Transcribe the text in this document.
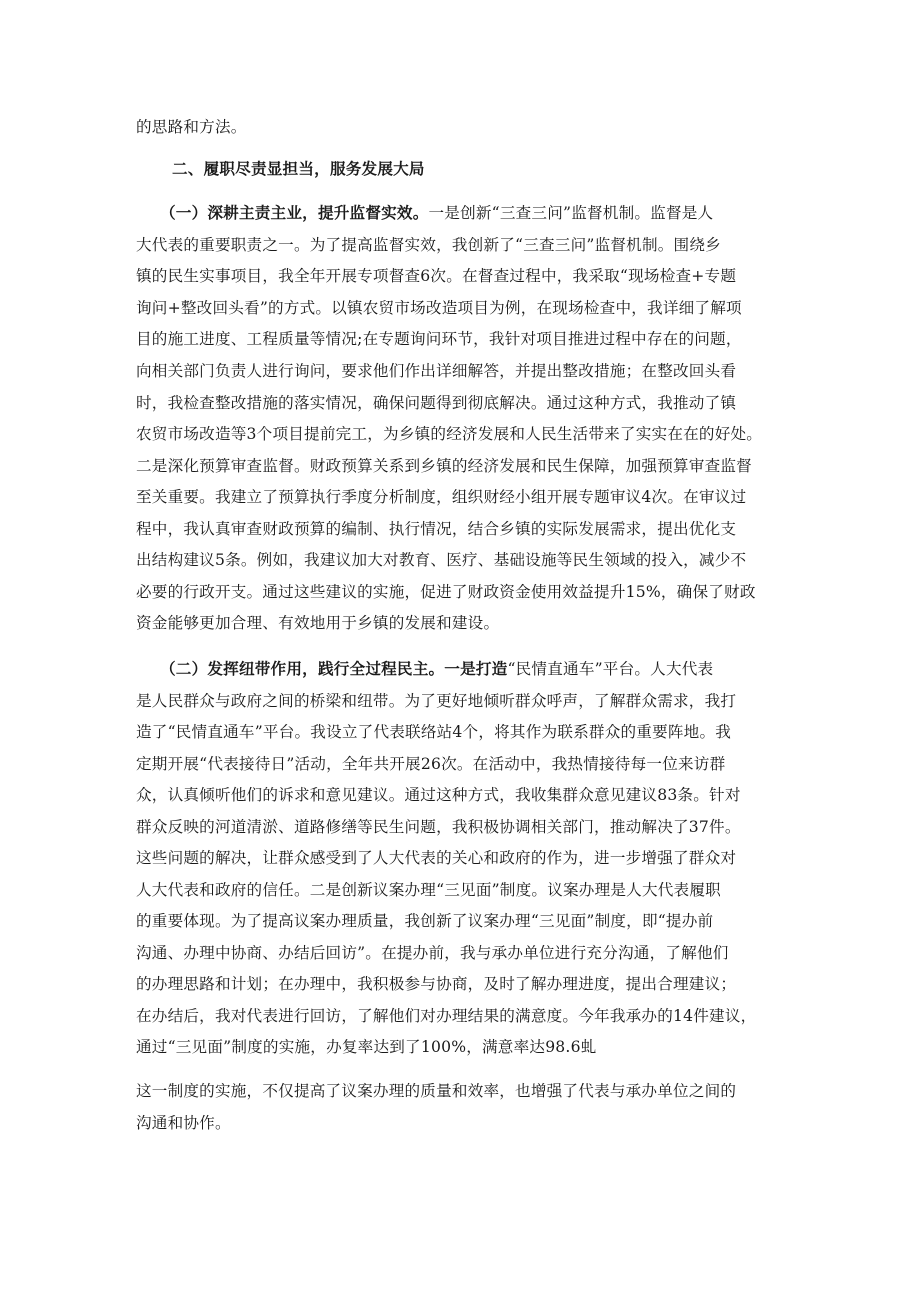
的思路和方法。
二、履职尽责显担当，服务发展大局
（一）深耕主责主业，提升监督实效。一是创新“三查三问”监督机制。监督是人
大代表的重要职责之一。为了提高监督实效，我创新了“三查三问”监督机制。围绕乡
镇的民生实事项目，我全年开展专项督查6次。在督查过程中，我采取“现场检查+专题
询问+整改回头看”的方式。以镇农贸市场改造项目为例，在现场检查中，我详细了解项
目的施工进度、工程质量等情况;在专题询问环节，我针对项目推进过程中存在的问题，
向相关部门负责人进行询问，要求他们作出详细解答，并提出整改措施；在整改回头看
时，我检查整改措施的落实情况，确保问题得到彻底解决。通过这种方式，我推动了镇
农贸市场改造等3个项目提前完工，为乡镇的经济发展和人民生活带来了实实在在的好处。
二是深化预算审查监督。财政预算关系到乡镇的经济发展和民生保障，加强预算审查监督
至关重要。我建立了预算执行季度分析制度，组织财经小组开展专题审议4次。在审议过
程中，我认真审查财政预算的编制、执行情况，结合乡镇的实际发展需求，提出优化支
出结构建议5条。例如，我建议加大对教育、医疗、基础设施等民生领域的投入，减少不
必要的行政开支。通过这些建议的实施，促进了财政资金使用效益提升15%，确保了财政
资金能够更加合理、有效地用于乡镇的发展和建设。
（二）发挥纽带作用，践行全过程民主。一是打造“民情直通车”平台。人大代表
是人民群众与政府之间的桥梁和纽带。为了更好地倾听群众呼声，了解群众需求，我打
造了“民情直通车”平台。我设立了代表联络站4个，将其作为联系群众的重要阵地。我
定期开展“代表接待日”活动，全年共开展26次。在活动中，我热情接待每一位来访群
众，认真倾听他们的诉求和意见建议。通过这种方式，我收集群众意见建议83条。针对
群众反映的河道清淤、道路修缮等民生问题，我积极协调相关部门，推动解决了37件。
这些问题的解决，让群众感受到了人大代表的关心和政府的作为，进一步增强了群众对
人大代表和政府的信任。二是创新议案办理“三见面”制度。议案办理是人大代表履职
的重要体现。为了提高议案办理质量，我创新了议案办理“三见面”制度，即“提办前
沟通、办理中协商、办结后回访”。在提办前，我与承办单位进行充分沟通，了解他们
的办理思路和计划；在办理中，我积极参与协商，及时了解办理进度，提出合理建议；
在办结后，我对代表进行回访，了解他们对办理结果的满意度。今年我承办的14件建议，
通过“三见面”制度的实施，办复率达到了100%，满意率达98.6虬
这一制度的实施，不仅提高了议案办理的质量和效率，也增强了代表与承办单位之间的
沟通和协作。
